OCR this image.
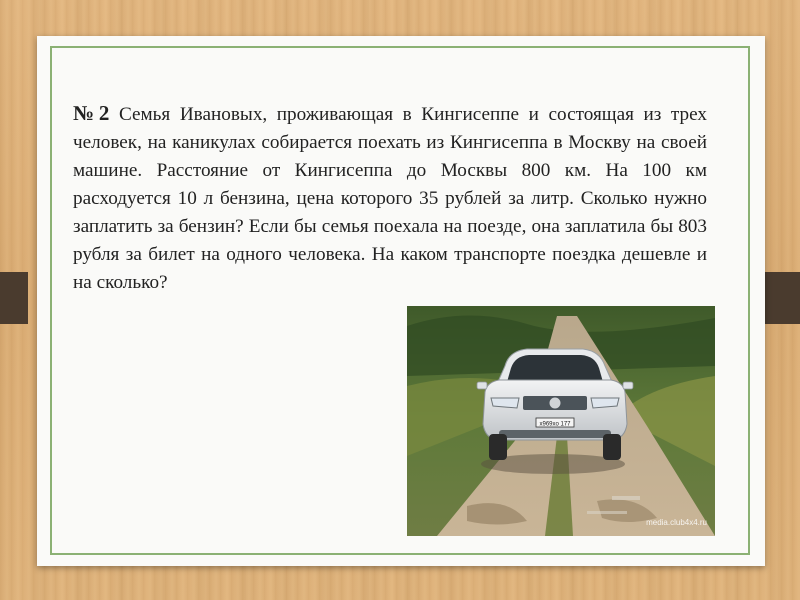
№2 Семья Ивановых, проживающая в Кингисеппе и состоящая из трех человек, на каникулах собирается поехать из Кингисеппа в Москву на своей машине. Расстояние от Кингисеппа до Москвы 800 км. На 100 км расходуется 10 л бензина, цена которого 35 рублей за литр. Сколько нужно заплатить за бензин? Если бы семья поехала на поезде, она заплатила бы 803 рубля за билет на одного человека. На каком транспорте поездка дешевле и на сколько?

x969xo 177
media.club4x4.ru
